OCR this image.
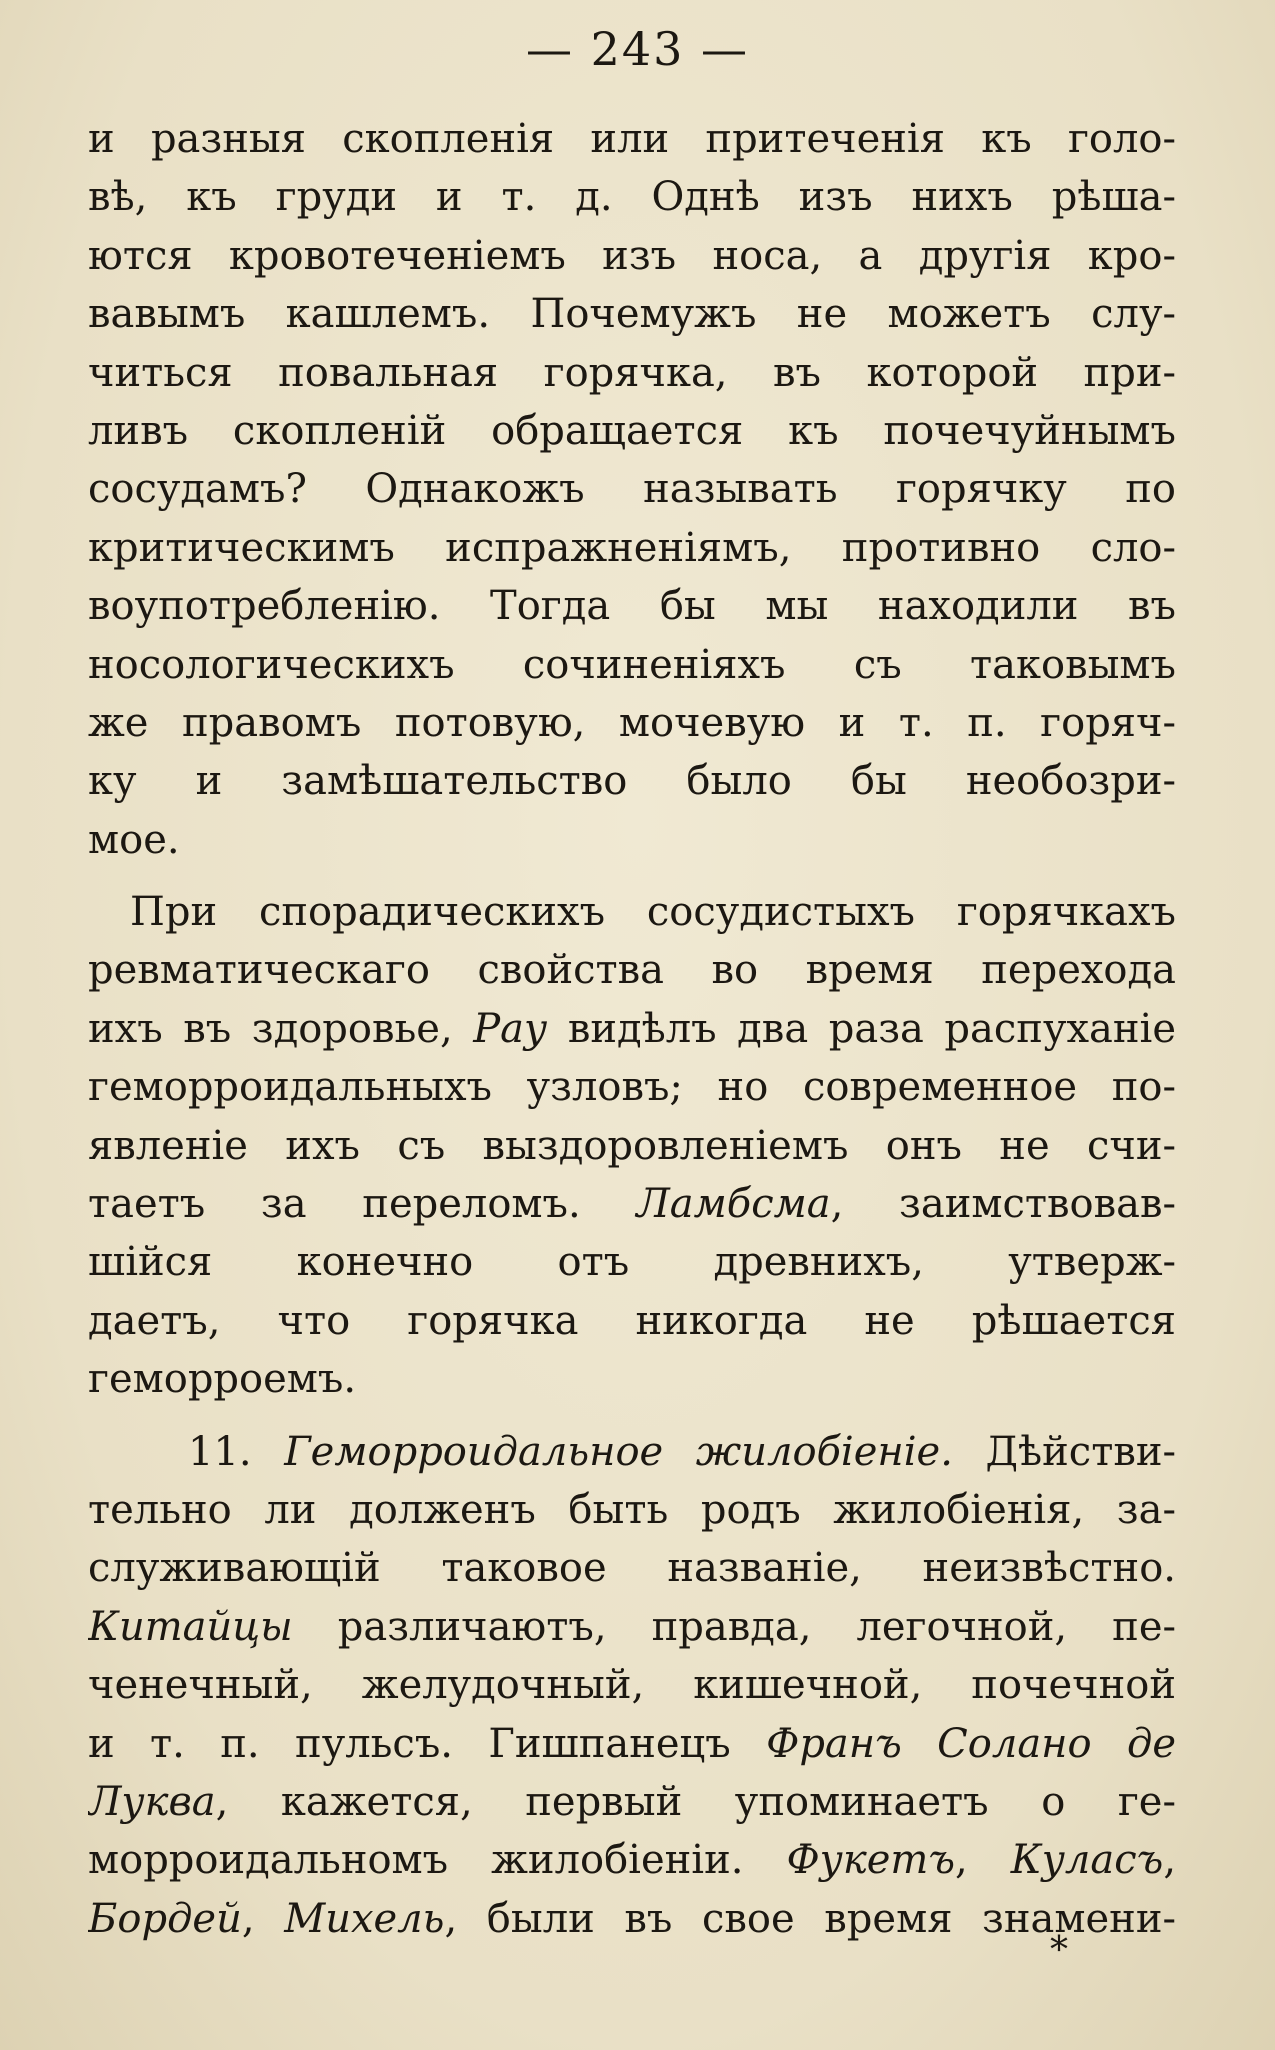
— 243 —
и разныя скопленія или притеченія къ голо-
вѣ, къ груди и т. д. Однѣ изъ нихъ рѣша-
ются кровотеченіемъ изъ носа, а другія кро-
вавымъ кашлемъ. Почемужъ не можетъ слу-
читься повальная горячка, въ которой при-
ливъ скопленій обращается къ почечуйнымъ
сосудамъ? Однакожъ называть горячку по
критическимъ испражненіямъ, противно сло-
воупотребленію. Тогда бы мы находили въ
носологическихъ сочиненіяхъ съ таковымъ
же правомъ потовую, мочевую и т. п. горяч-
ку и замѣшательство было бы необозри-
мое.
При спорадическихъ сосудистыхъ горячкахъ
ревматическаго свойства во время перехода
ихъ въ здоровье, Рау видѣлъ два раза распуханіе
геморроидальныхъ узловъ; но современное по-
явленіе ихъ съ выздоровленіемъ онъ не счи-
таетъ за переломъ. Ламбсма, заимствовав-
шійся конечно отъ древнихъ, утверж-
даетъ, что горячка никогда не рѣшается
геморроемъ.
11. Геморроидальное жилобіеніе. Дѣйстви-
тельно ли долженъ быть родъ жилобіенія, за-
служивающій таковое названіе, неизвѣстно.
Китайцы различаютъ, правда, легочной, пе-
ченечный, желудочный, кишечной, почечной
и т. п. пульсъ. Гишпанецъ Франъ Солано де
Луква, кажется, первый упоминаетъ о ге-
морроидальномъ жилобіеніи. Фукетъ, Куласъ,
Бордей, Михель, были въ свое время знамени-
*
